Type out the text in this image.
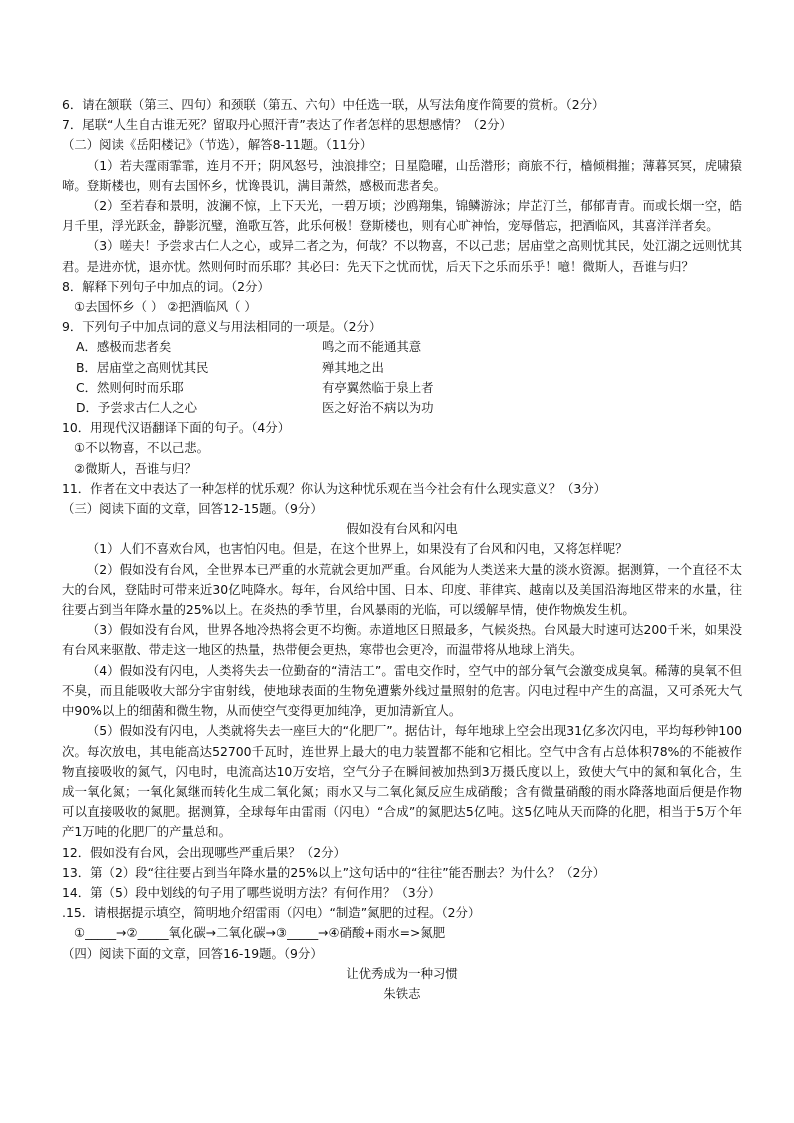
6．请在颔联（第三、四句）和颈联（第五、六句）中任选一联，从写法角度作简要的赏析。（2分）
7．尾联“人生自古谁无死？留取丹心照汗青”表达了作者怎样的思想感情？（2分）
（二）阅读《岳阳楼记》（节选），解答8-11题。（11分）
（1）若夫霪雨霏霏，连月不开；阴风怒号，浊浪排空；日星隐曜，山岳潜形；商旅不行，樯倾楫摧；薄暮冥冥，虎啸猿啼。登斯楼也，则有去国怀乡，忧谗畏讥，满目萧然，感极而悲者矣。
（2）至若春和景明，波澜不惊，上下天光，一碧万顷；沙鸥翔集，锦鳞游泳；岸芷汀兰，郁郁青青。而或长烟一空，皓月千里，浮光跃金，静影沉璧，渔歌互答，此乐何极！登斯楼也，则有心旷神怡，宠辱偕忘，把酒临风，其喜洋洋者矣。
（3）嗟夫！予尝求古仁人之心，或异二者之为，何哉？不以物喜，不以己悲；居庙堂之高则忧其民，处江湖之远则忧其君。是进亦忧，退亦忧。然则何时而乐耶？其必曰：先天下之忧而忧，后天下之乐而乐乎！噫！微斯人，吾谁与归？
8．解释下列句子中加点的词。（2分）
①去国怀乡（ ） ②把酒临风（ ）
9．下列句子中加点词的意义与用法相同的一项是。（2分）
A．感极而悲者矣	鸣之而不能通其意
B．居庙堂之高则忧其民	殚其地之出
C．然则何时而乐耶	有亭翼然临于泉上者
D．予尝求古仁人之心	医之好治不病以为功
10．用现代汉语翻译下面的句子。（4分）
①不以物喜，不以己悲。
②微斯人，吾谁与归？
11．作者在文中表达了一种怎样的忧乐观？你认为这种忧乐观在当今社会有什么现实意义？（3分）
（三）阅读下面的文章，回答12-15题。（9分）
假如没有台风和闪电
（1）人们不喜欢台风，也害怕闪电。但是，在这个世界上，如果没有了台风和闪电，又将怎样呢？
（2）假如没有台风，全世界本已严重的水荒就会更加严重。台风能为人类送来大量的淡水资源。据测算，一个直径不太大的台风，登陆时可带来近30亿吨降水。每年，台风给中国、日本、印度、菲律宾、越南以及美国沿海地区带来的水量，往往要占到当年降水量的25%以上。在炎热的季节里，台风暴雨的光临，可以缓解旱情，使作物焕发生机。
（3）假如没有台风，世界各地冷热将会更不均衡。赤道地区日照最多，气候炎热。台风最大时速可达200千米，如果没有台风来驱散、带走这一地区的热量，热带便会更热，寒带也会更冷，而温带将从地球上消失。
（4）假如没有闪电，人类将失去一位勤奋的“清洁工”。雷电交作时，空气中的部分氧气会激变成臭氧。稀薄的臭氧不但不臭，而且能吸收大部分宇宙射线，使地球表面的生物免遭紫外线过量照射的危害。闪电过程中产生的高温，又可杀死大气中90%以上的细菌和微生物，从而使空气变得更加纯净，更加清新宜人。
（5）假如没有闪电，人类就将失去一座巨大的“化肥厂”。据估计，每年地球上空会出现31亿多次闪电，平均每秒钟100次。每次放电，其电能高达52700千瓦时，连世界上最大的电力装置都不能和它相比。空气中含有占总体积78%的不能被作物直接吸收的氮气，闪电时，电流高达10万安培，空气分子在瞬间被加热到3万摄氏度以上，致使大气中的氮和氧化合，生成一氧化氮；一氧化氮继而转化生成二氧化氮；雨水又与二氧化氮反应生成硝酸；含有微量硝酸的雨水降落地面后便是作物可以直接吸收的氮肥。据测算，全球每年由雷雨（闪电）“合成”的氮肥达5亿吨。这5亿吨从天而降的化肥，相当于5万个年产1万吨的化肥厂的产量总和。
12．假如没有台风，会出现哪些严重后果？（2分）
13．第（2）段“往往要占到当年降水量的25%以上”这句话中的“往往”能否删去？为什么？（2分）
14．第（5）段中划线的句子用了哪些说明方法？有何作用？（3分）
.15．请根据提示填空，简明地介绍雷雨（闪电）“制造”氮肥的过程。（2分）
①_____→②_____氧化碳→二氧化碳→③_____→④硝酸+雨水=>氮肥
（四）阅读下面的文章，回答16-19题。（9分）
让优秀成为一种习惯
朱铁志
